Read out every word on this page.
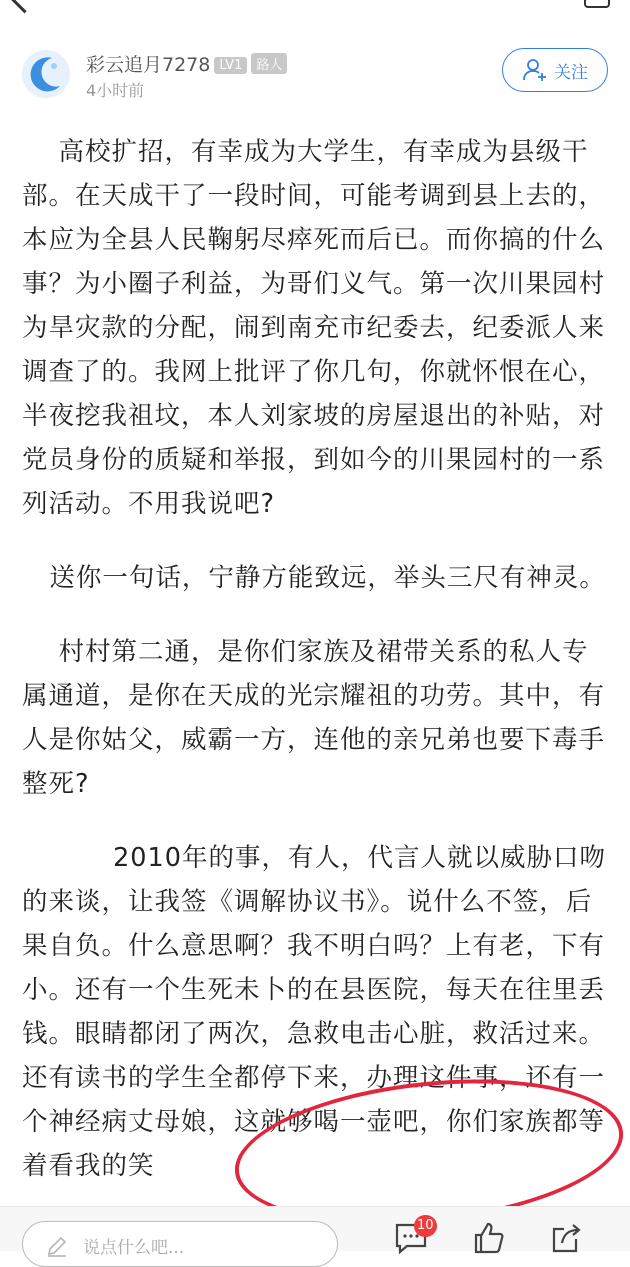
彩云追月7278 LV1 路人
4小时前
关注

高校扩招，有幸成为大学生，有幸成为县级干部。在天成干了一段时间，可能考调到县上去的，本应为全县人民鞠躬尽瘁死而后已。而你搞的什么事？为小圈子利益，为哥们义气。第一次川果园村为旱灾款的分配，闹到南充市纪委去，纪委派人来调查了的。我网上批评了你几句，你就怀恨在心，半夜挖我祖坟，本人刘家坡的房屋退出的补贴，对党员身份的质疑和举报，到如今的川果园村的一系列活动。不用我说吧?

送你一句话，宁静方能致远，举头三尺有神灵。

村村第二通，是你们家族及裙带关系的私人专属通道，是你在天成的光宗耀祖的功劳。其中，有人是你姑父，威霸一方，连他的亲兄弟也要下毒手整死?

2010年的事，有人，代言人就以威胁口吻的来谈，让我签《调解协议书》。说什么不签，后果自负。什么意思啊？我不明白吗？上有老，下有小。还有一个生死未卜的在县医院，每天在往里丢钱。眼睛都闭了两次，急救电击心脏，救活过来。还有读书的学生全都停下来，办理这件事，还有一个神经病丈母娘，这就够喝一壶吧，你们家族都等着看我的笑

说点什么吧...
10
